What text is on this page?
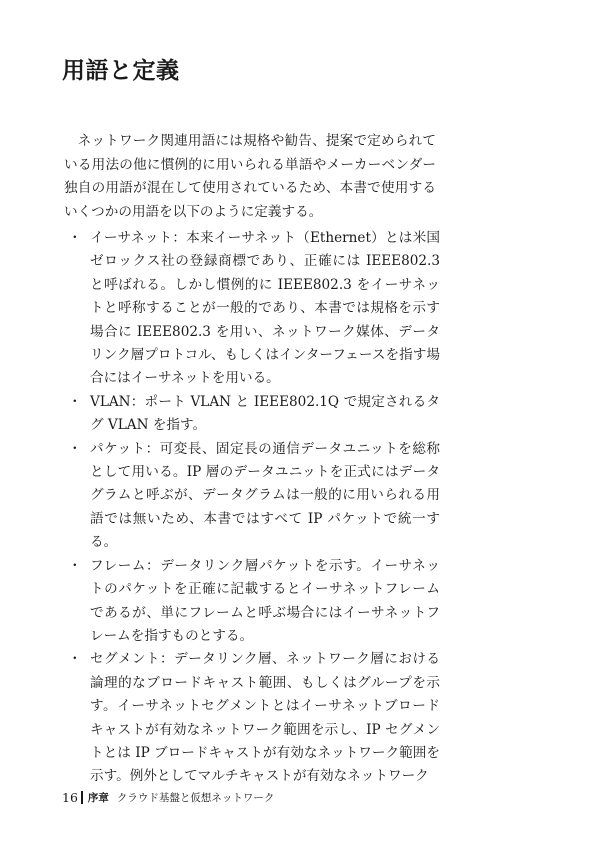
用語と定義

ネットワーク関連用語には規格や勧告、提案で定められている用法の他に慣例的に用いられる単語やメーカーベンダー独自の用語が混在して使用されているため、本書で使用するいくつかの用語を以下のように定義する。

・ イーサネット：本来イーサネット（Ethernet）とは米国ゼロックス社の登録商標であり、正確には IEEE802.3 と呼ばれる。しかし慣例的に IEEE802.3 をイーサネットと呼称することが一般的であり、本書では規格を示す場合に IEEE802.3 を用い、ネットワーク媒体、データリンク層プロトコル、もしくはインターフェースを指す場合にはイーサネットを用いる。
・ VLAN：ポート VLAN と IEEE802.1Q で規定されるタグ VLAN を指す。
・ パケット：可変長、固定長の通信データユニットを総称として用いる。IP 層のデータユニットを正式にはデータグラムと呼ぶが、データグラムは一般的に用いられる用語では無いため、本書ではすべて IP パケットで統一する。
・ フレーム：データリンク層パケットを示す。イーサネットのパケットを正確に記載するとイーサネットフレームであるが、単にフレームと呼ぶ場合にはイーサネットフレームを指すものとする。
・ セグメント：データリンク層、ネットワーク層における論理的なブロードキャスト範囲、もしくはグループを示す。イーサネットセグメントとはイーサネットブロードキャストが有効なネットワーク範囲を示し、IP セグメントとは IP ブロードキャストが有効なネットワーク範囲を示す。例外としてマルチキャストが有効なネットワーク
16 序章 クラウド基盤と仮想ネットワーク
